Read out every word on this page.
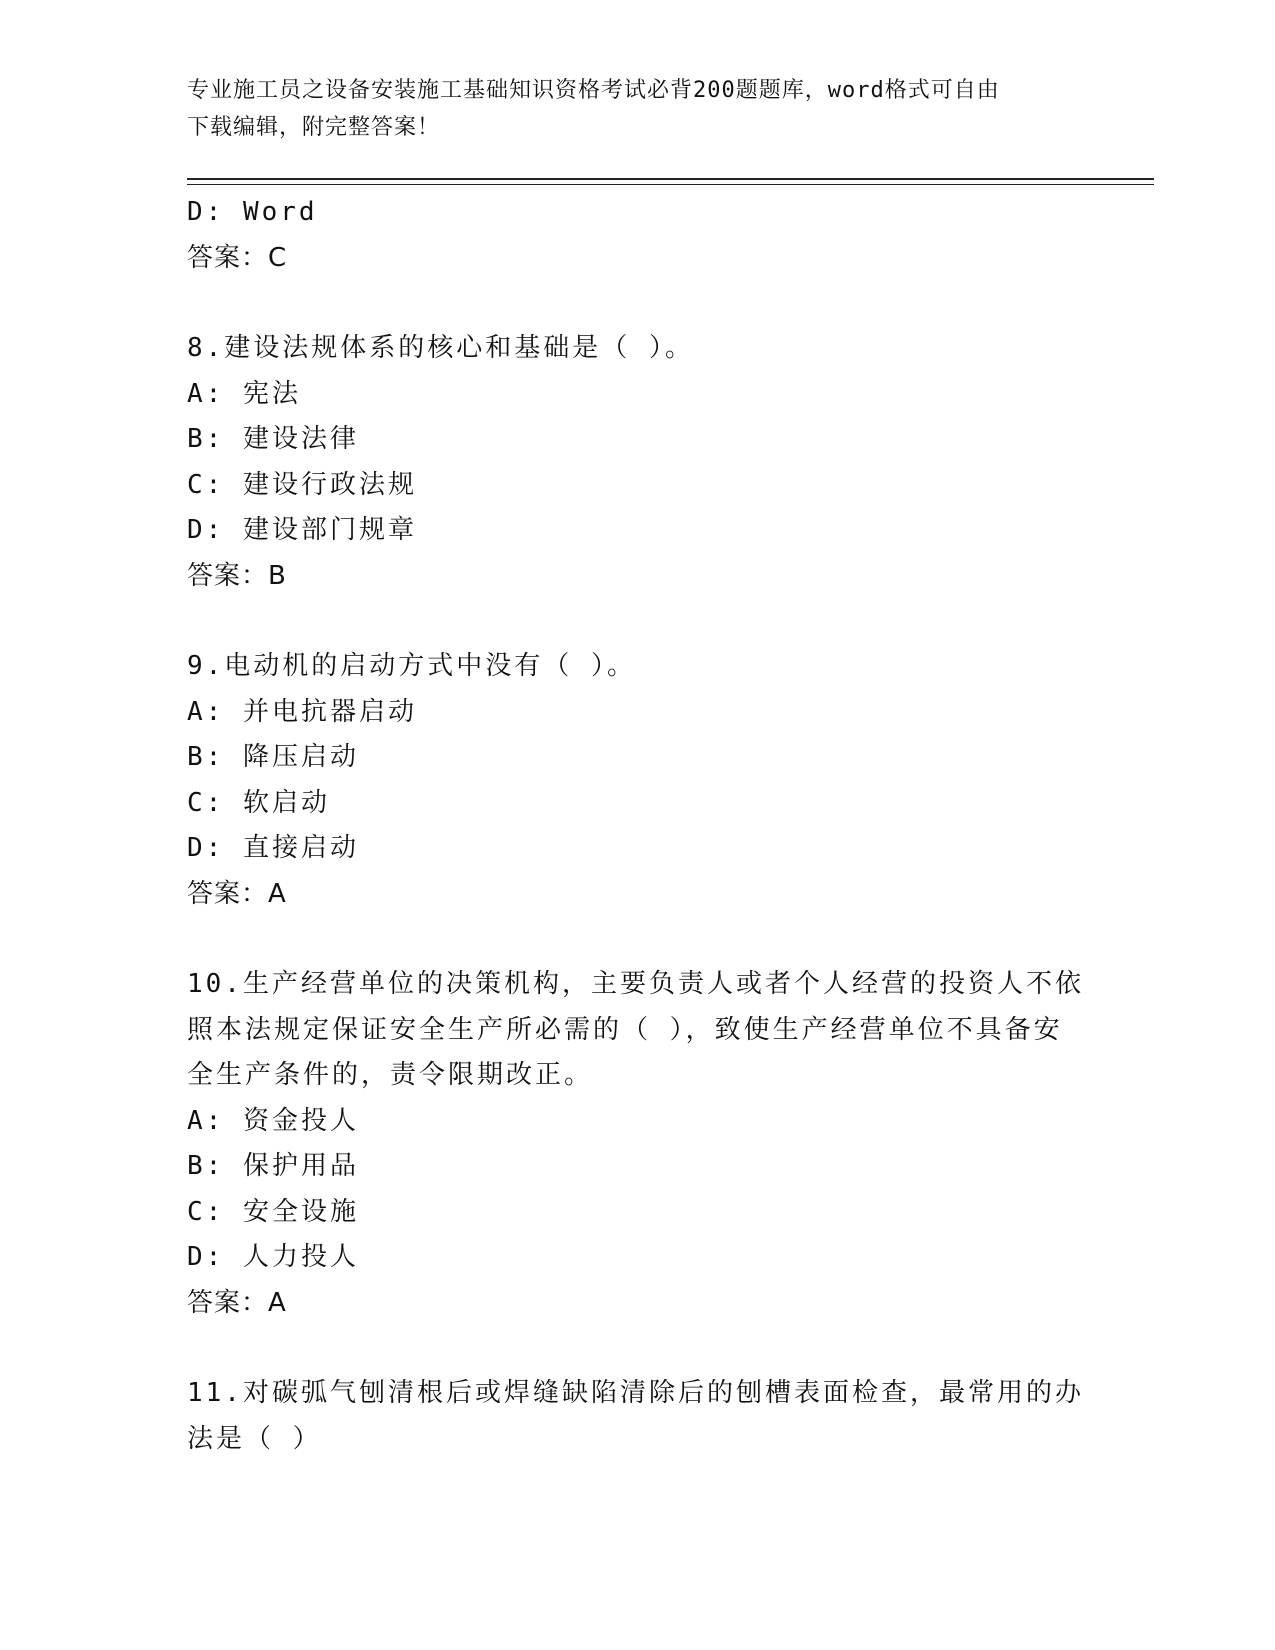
专业施工员之设备安装施工基础知识资格考试必背200题题库，word格式可自由
下载编辑，附完整答案！
D: Word
答案：C
8.建设法规体系的核心和基础是（ ）。
A: 宪法
B: 建设法律
C: 建设行政法规
D: 建设部门规章
答案：B
9.电动机的启动方式中没有（ ）。
A: 并电抗器启动
B: 降压启动
C: 软启动
D: 直接启动
答案：A
10.生产经营单位的决策机构，主要负责人或者个人经营的投资人不依
照本法规定保证安全生产所必需的（ ），致使生产经营单位不具备安
全生产条件的，责令限期改正。
A: 资金投人
B: 保护用品
C: 安全设施
D: 人力投人
答案：A
11.对碳弧气刨清根后或焊缝缺陷清除后的刨槽表面检查，最常用的办
法是（ ）
